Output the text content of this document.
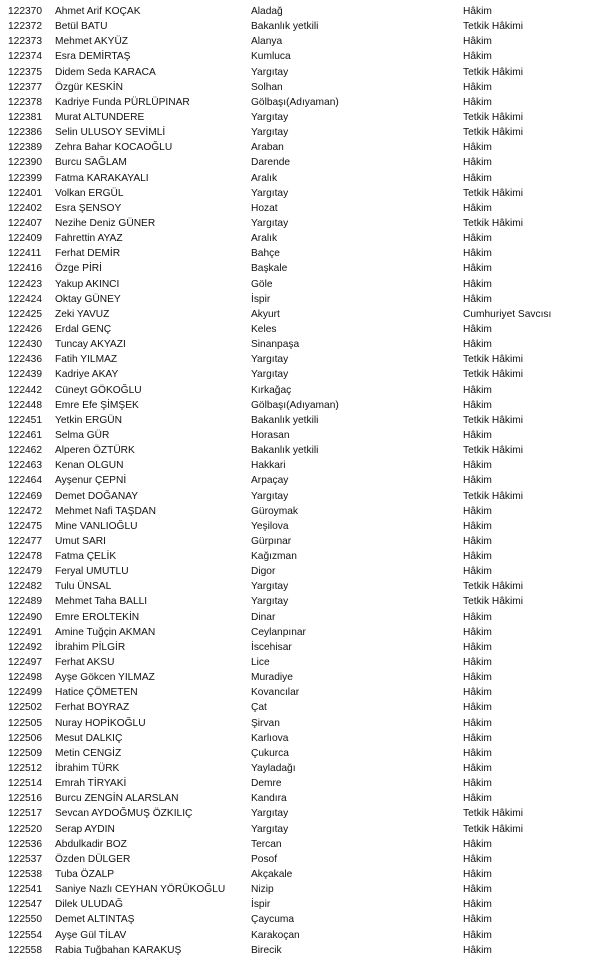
122370 Ahmet Arif KOÇAK	Aladağ	Hâkim
122372 Betül BATU	Bakanlık yetkili	Tetkik Hâkimi
122373 Mehmet AKYÜZ	Alanya	Hâkim
122374 Esra DEMİRTAŞ	Kumluca	Hâkim
122375 Didem Seda KARACA	Yargıtay	Tetkik Hâkimi
122377 Özgür KESKİN	Solhan	Hâkim
122378 Kadriye Funda PÜRLÜPINAR	Gölbaşı(Adıyaman)	Hâkim
122381 Murat ALTUNDERE	Yargıtay	Tetkik Hâkimi
122386 Selin ULUSOY SEVİMLİ	Yargıtay	Tetkik Hâkimi
122389 Zehra Bahar KOCAOĞLU	Araban	Hâkim
122390 Burcu SAĞLAM	Darende	Hâkim
122399 Fatma KARAKAYALI	Aralık	Hâkim
122401 Volkan ERGÜL	Yargıtay	Tetkik Hâkimi
122402 Esra ŞENSOY	Hozat	Hâkim
122407 Nezihe Deniz GÜNER	Yargıtay	Tetkik Hâkimi
122409 Fahrettin AYAZ	Aralık	Hâkim
122411 Ferhat DEMİR	Bahçe	Hâkim
122416 Özge PİRİ	Başkale	Hâkim
122423 Yakup AKINCI	Göle	Hâkim
122424 Oktay GÜNEY	İspir	Hâkim
122425 Zeki YAVUZ	Akyurt	Cumhuriyet Savcısı
122426 Erdal GENÇ	Keles	Hâkim
122430 Tuncay AKYAZI	Sinanpaşa	Hâkim
122436 Fatih YILMAZ	Yargıtay	Tetkik Hâkimi
122439 Kadriye AKAY	Yargıtay	Tetkik Hâkimi
122442 Cüneyt GÖKOĞLU	Kırkağaç	Hâkim
122448 Emre Efe ŞİMŞEK	Gölbaşı(Adıyaman)	Hâkim
122451 Yetkin ERGÜN	Bakanlık yetkili	Tetkik Hâkimi
122461 Selma GÜR	Horasan	Hâkim
122462 Alperen ÖZTÜRK	Bakanlık yetkili	Tetkik Hâkimi
122463 Kenan OLGUN	Hakkari	Hâkim
122464 Ayşenur ÇEPNİ	Arpaçay	Hâkim
122469 Demet DOĞANAY	Yargıtay	Tetkik Hâkimi
122472 Mehmet Nafi TAŞDAN	Güroymak	Hâkim
122475 Mine VANLIOĞLU	Yeşilova	Hâkim
122477 Umut SARI	Gürpınar	Hâkim
122478 Fatma ÇELİK	Kağızman	Hâkim
122479 Feryal UMUTLU	Digor	Hâkim
122482 Tulu ÜNSAL	Yargıtay	Tetkik Hâkimi
122489 Mehmet Taha BALLI	Yargıtay	Tetkik Hâkimi
122490 Emre EROLTEKİN	Dinar	Hâkim
122491 Amine Tuğçin AKMAN	Ceylanpınar	Hâkim
122492 İbrahim PİLGİR	İscehisar	Hâkim
122497 Ferhat AKSU	Lice	Hâkim
122498 Ayşe Gökcen YILMAZ	Muradiye	Hâkim
122499 Hatice ÇÖMETEN	Kovancılar	Hâkim
122502 Ferhat BOYRAZ	Çat	Hâkim
122505 Nuray HOPİKOĞLU	Şirvan	Hâkim
122506 Mesut DALKIÇ	Karlıova	Hâkim
122509 Metin CENGİZ	Çukurca	Hâkim
122512 İbrahim TÜRK	Yayladağı	Hâkim
122514 Emrah TİRYAKİ	Demre	Hâkim
122516 Burcu ZENGİN ALARSLAN	Kandıra	Hâkim
122517 Sevcan AYDOĞMUŞ ÖZKILIÇ	Yargıtay	Tetkik Hâkimi
122520 Serap AYDIN	Yargıtay	Tetkik Hâkimi
122536 Abdulkadir BOZ	Tercan	Hâkim
122537 Özden DÜLGER	Posof	Hâkim
122538 Tuba ÖZALP	Akçakale	Hâkim
122541 Saniye Nazlı CEYHAN YÖRÜKOĞLU	Nizip	Hâkim
122547 Dilek ULUDAĞ	İspir	Hâkim
122550 Demet ALTINTAŞ	Çaycuma	Hâkim
122554 Ayşe Gül TİLAV	Karakoçan	Hâkim
122558 Rabia Tuğbahan KARAKUŞ	Birecik	Hâkim
